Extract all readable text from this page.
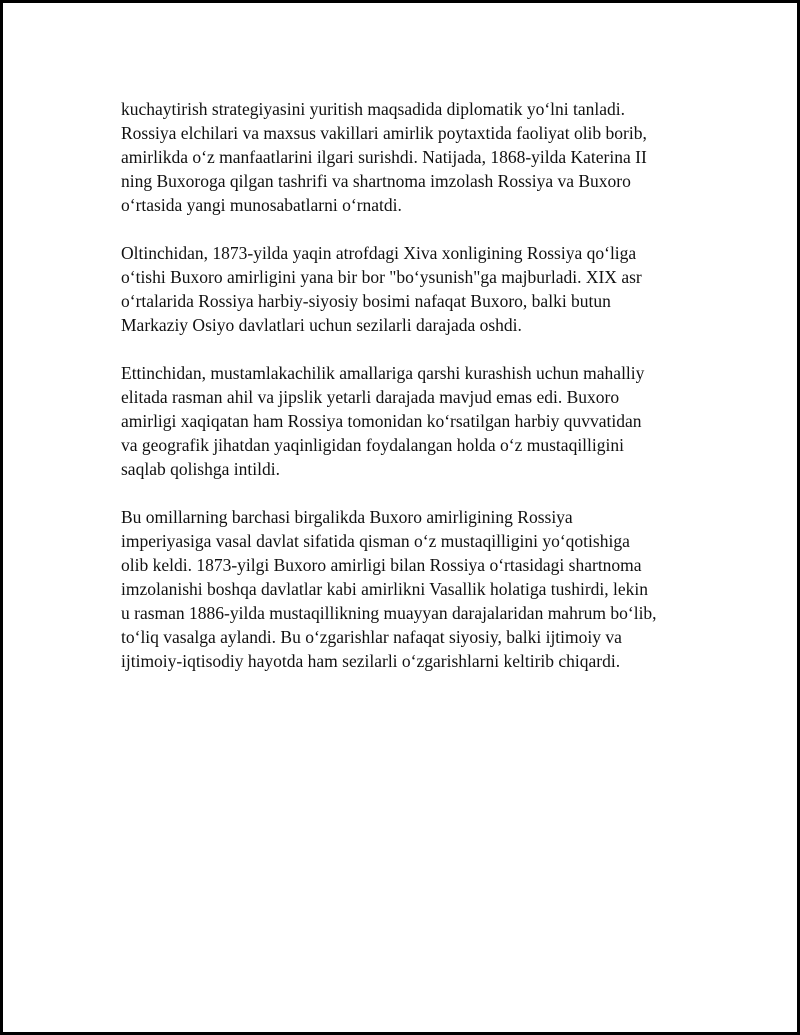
kuchaytirish strategiyasini yuritish maqsadida diplomatik yo‘lni tanladi.
Rossiya elchilari va maxsus vakillari amirlik poytaxtida faoliyat olib borib,
amirlikda o‘z manfaatlarini ilgari surishdi. Natijada, 1868-yilda Katerina II
ning Buxoroga qilgan tashrifi va shartnoma imzolash Rossiya va Buxoro
o‘rtasida yangi munosabatlarni o‘rnatdi.

Oltinchidan, 1873-yilda yaqin atrofdagi Xiva xonligining Rossiya qo‘liga
o‘tishi Buxoro amirligini yana bir bor "bo‘ysunish"ga majburladi. XIX asr
o‘rtalarida Rossiya harbiy-siyosiy bosimi nafaqat Buxoro, balki butun
Markaziy Osiyo davlatlari uchun sezilarli darajada oshdi.

Ettinchidan, mustamlakachilik amallariga qarshi kurashish uchun mahalliy
elitada rasman ahil va jipslik yetarli darajada mavjud emas edi. Buxoro
amirligi xaqiqatan ham Rossiya tomonidan ko‘rsatilgan harbiy quvvatidan
va geografik jihatdan yaqinligidan foydalangan holda o‘z mustaqilligini
saqlab qolishga intildi.

Bu omillarning barchasi birgalikda Buxoro amirligining Rossiya
imperiyasiga vasal davlat sifatida qisman o‘z mustaqilligini yo‘qotishiga
olib keldi. 1873-yilgi Buxoro amirligi bilan Rossiya o‘rtasidagi shartnoma
imzolanishi boshqa davlatlar kabi amirlikni Vasallik holatiga tushirdi, lekin
u rasman 1886-yilda mustaqillikning muayyan darajalaridan mahrum bo‘lib,
to‘liq vasalga aylandi. Bu o‘zgarishlar nafaqat siyosiy, balki ijtimoiy va
ijtimoiy-iqtisodiy hayotda ham sezilarli o‘zgarishlarni keltirib chiqardi.
